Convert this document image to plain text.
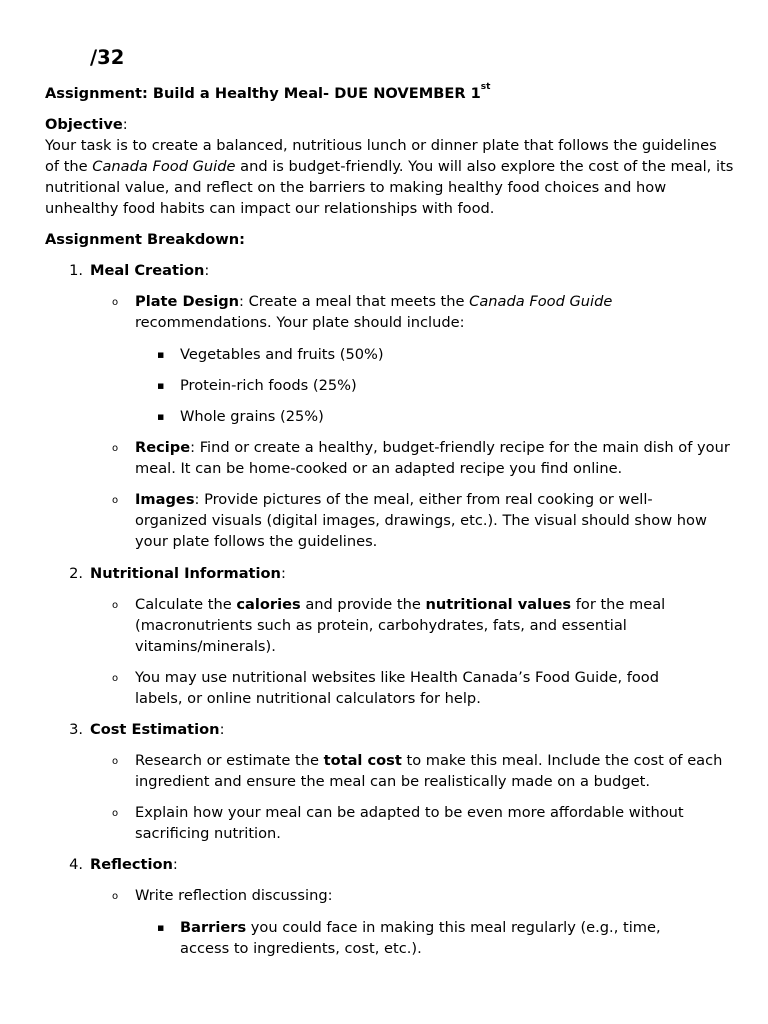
/32
Assignment: Build a Healthy Meal- DUE NOVEMBER 1st
Objective:

Your task is to create a balanced, nutritious lunch or dinner plate that follows the guidelines of the Canada Food Guide and is budget-friendly. You will also explore the cost of the meal, its nutritional value, and reflect on the barriers to making healthy food choices and how unhealthy food habits can impact our relationships with food.

Assignment Breakdown:
1. Meal Creation:
o Plate Design: Create a meal that meets the Canada Food Guide recommendations. Your plate should include:

▪ Vegetables and fruits (50%)
▪ Protein-rich foods (25%)
▪ Whole grains (25%)
o Recipe: Find or create a healthy, budget-friendly recipe for the main dish of your meal. It can be home-cooked or an adapted recipe you find online.

o Images: Provide pictures of the meal, either from real cooking or well-organized visuals (digital images, drawings, etc.). The visual should show how your plate follows the guidelines.

2. Nutritional Information:
o Calculate the calories and provide the nutritional values for the meal (macronutrients such as protein, carbohydrates, fats, and essential vitamins/minerals).

o You may use nutritional websites like Health Canada’s Food Guide, food labels, or online nutritional calculators for help.

3. Cost Estimation:
o Research or estimate the total cost to make this meal. Include the cost of each ingredient and ensure the meal can be realistically made on a budget.

o Explain how your meal can be adapted to be even more affordable without sacrificing nutrition.

4. Reflection:
o Write reflection discussing:
▪ Barriers you could face in making this meal regularly (e.g., time, access to ingredients, cost, etc.).
